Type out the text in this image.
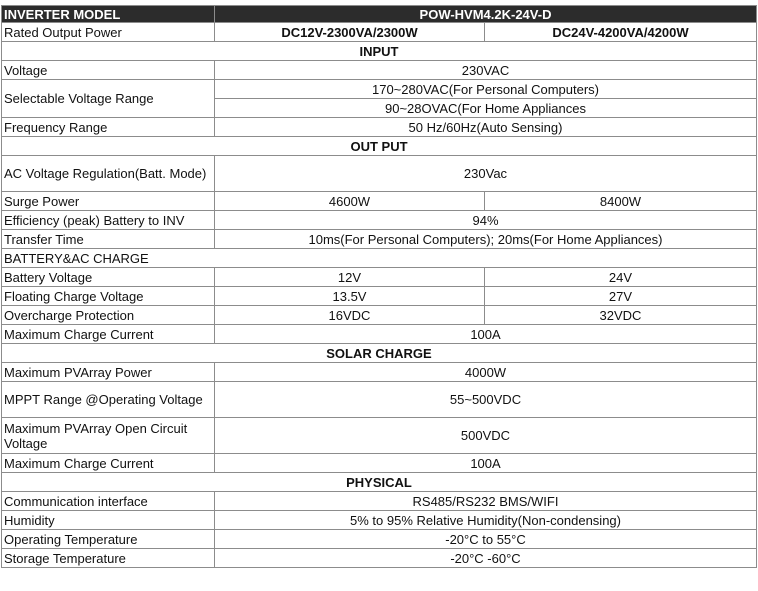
INVERTER MODEL	POW-HVM4.2K-24V-D	
Rated Output Power	DC12V-2300VA/2300W	DC24V-4200VA/4200W
INPUT		
Voltage	230VAC	
Selectable Voltage Range	170~280VAC(For Personal Computers)	
	90~28OVAC(For Home Appliances	
Frequency Range	50 Hz/60Hz(Auto Sensing)	
OUT PUT		
AC Voltage Regulation(Batt. Mode)	230Vac	
Surge Power	4600W	8400W
Efficiency (peak) Battery to INV	94%	
Transfer Time	10ms(For Personal Computers); 20ms(For Home Appliances)	
BATTERY&AC CHARGE		
Battery Voltage	12V	24V
Floating Charge Voltage	13.5V	27V
Overcharge Protection	16VDC	32VDC
Maximum Charge Current	100A	
SOLAR CHARGE		
Maximum PVArray Power	4000W	
MPPT Range @Operating Voltage	55~500VDC	
Maximum PVArray Open Circuit Voltage	500VDC	
Maximum Charge Current	100A	
PHYSICAL		
Communication interface	RS485/RS232 BMS/WIFI	
Humidity	5% to 95% Relative Humidity(Non-condensing)	
Operating Temperature	-20°C to 55°C	
Storage Temperature	-20°C -60°C	
